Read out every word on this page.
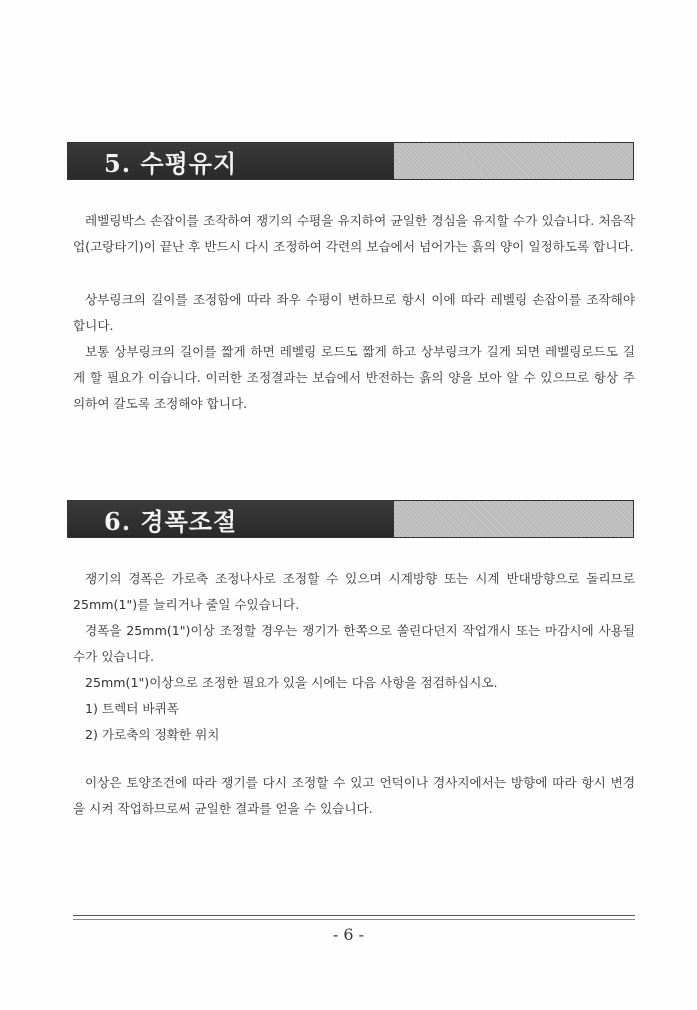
5. 수평유지

레벨링박스 손잡이를 조작하여 쟁기의 수평을 유지하여 균일한 경심을 유지할 수가 있습니다. 처음작업(고랑타기)이 끝난 후 반드시 다시 조정하여 각련의 보습에서 넘어가는 흙의 양이 일정하도록 합니다.

상부링크의 길이를 조정함에 따라 좌우 수평이 변하므로 항시 이에 따라 레벨링 손잡이를 조작해야 합니다.

보통 상부링크의 길이를 짧게 하면 레벨링 로드도 짧게 하고 상부링크가 길게 되면 레벨링로드도 길게 할 필요가 이습니다. 이러한 조정결과는 보습에서 반전하는 흙의 양을 보아 알 수 있으므로 항상 주의하여 갈도록 조정해야 합니다.

6. 경폭조절

쟁기의 경폭은 가로축 조정나사로 조정할 수 있으며 시계방향 또는 시계 반대방향으로 돌리므로 25mm(1")를 늘리거나 줄일 수있습니다.

경폭을 25mm(1")이상 조정할 경우는 쟁기가 한쪽으로 쏠린다던지 작업개시 또는 마감시에 사용될 수가 있습니다.

25mm(1")이상으로 조정한 필요가 있을 시에는 다음 사항을 점검하십시오.

1) 트렉터 바퀴폭
2) 가로축의 정확한 위치

이상은 토양조건에 따라 쟁기를 다시 조정할 수 있고 언덕이나 경사지에서는 방향에 따라 항시 변경을 시켜 작업하므로써 균일한 결과를 얻을 수 있습니다.

- 6 -
